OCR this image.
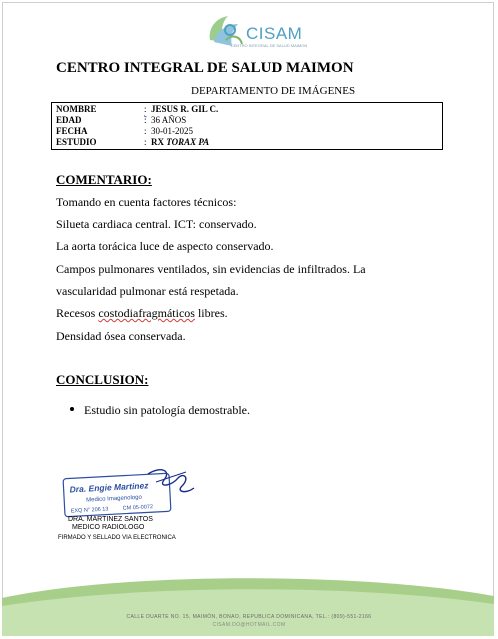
CISAM
CENTRO INTEGRAL DE SALUD MAIMON
CENTRO INTEGRAL DE SALUD MAIMON
DEPARTAMENTO DE IMÁGENES
NOMBRE	: JESUS R. GIL C.
EDAD	: 36 AÑOS
FECHA	: 30-01-2025
ESTUDIO	: RX TORAX PA
COMENTARIO:
Tomando en cuenta factores técnicos:
Silueta cardiaca central. ICT: conservado.
La aorta torácica luce de aspecto conservado.
Campos pulmonares ventilados, sin evidencias de infiltrados. La
vascularidad pulmonar está respetada.
Recesos costodiafragmáticos libres.
Densidad ósea conservada.
CONCLUSION:
Estudio sin patología demostrable.
Dra. Engie Martinez
Medico Imagenologo
EXQ N° 206 13	CM 05-0072
DRA. MARTINEZ SANTOS
MEDICO RADIOLOGO
FIRMADO Y SELLADO VIA ELECTRONICA
CALLE DUARTE NO. 15, MAIMÓN, BONAO, REPUBLICA DOMINICANA, TEL.: (809)-551-2166
CISAM.DO@HOTMAIL.COM
